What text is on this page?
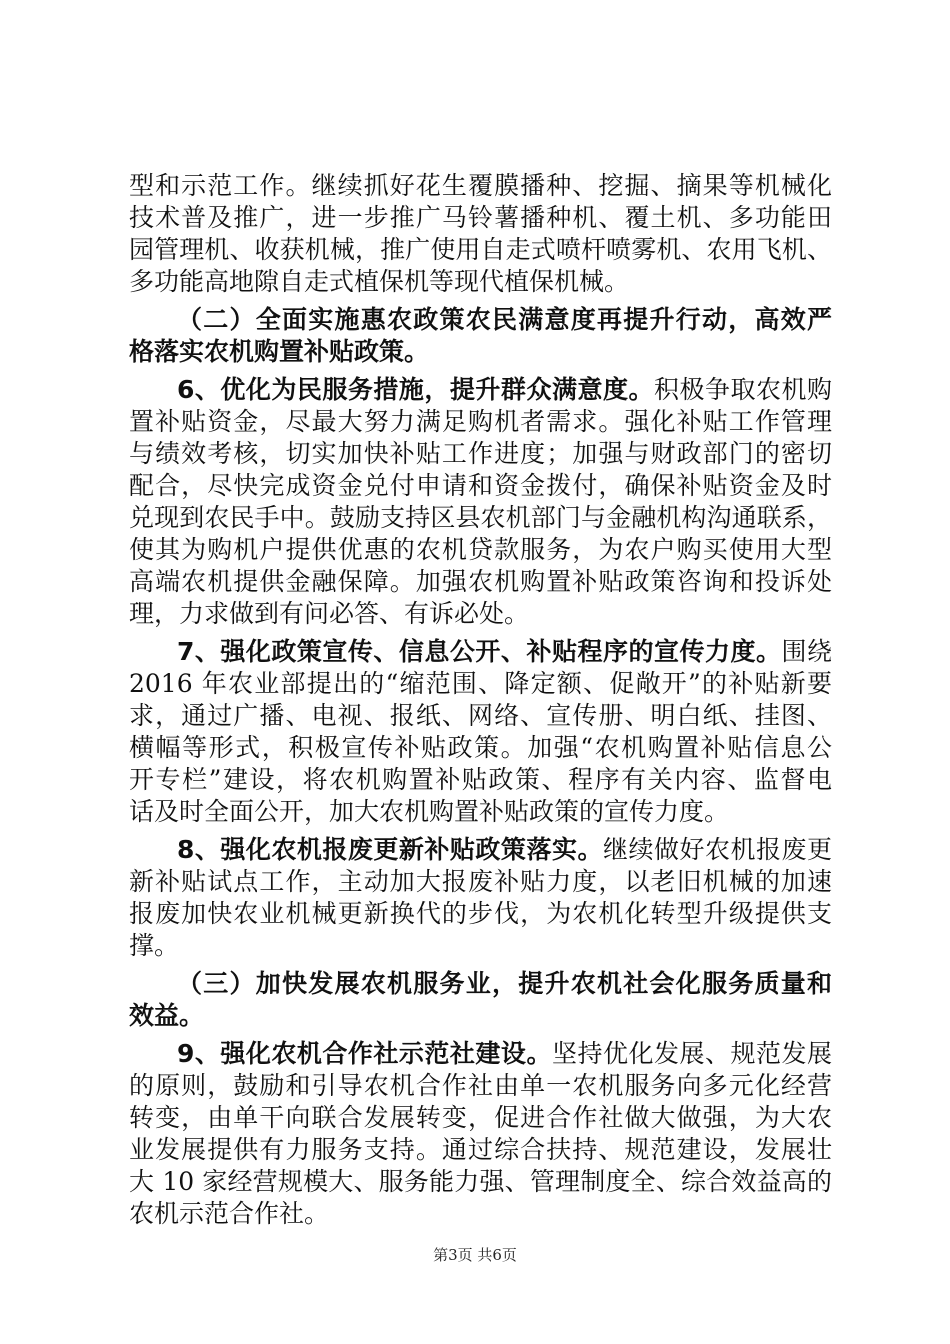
型和示范工作。继续抓好花生覆膜播种、挖掘、摘果等机械化
技术普及推广，进一步推广马铃薯播种机、覆土机、多功能田
园管理机、收获机械，推广使用自走式喷杆喷雾机、农用飞机、
多功能高地隙自走式植保机等现代植保机械。
（二）全面实施惠农政策农民满意度再提升行动，高效严
格落实农机购置补贴政策。
6、优化为民服务措施，提升群众满意度。积极争取农机购
置补贴资金，尽最大努力满足购机者需求。强化补贴工作管理
与绩效考核，切实加快补贴工作进度；加强与财政部门的密切
配合，尽快完成资金兑付申请和资金拨付，确保补贴资金及时
兑现到农民手中。鼓励支持区县农机部门与金融机构沟通联系，
使其为购机户提供优惠的农机贷款服务，为农户购买使用大型
高端农机提供金融保障。加强农机购置补贴政策咨询和投诉处
理，力求做到有问必答、有诉必处。
7、强化政策宣传、信息公开、补贴程序的宣传力度。围绕
2016 年农业部提出的“缩范围、降定额、促敞开”的补贴新要
求，通过广播、电视、报纸、网络、宣传册、明白纸、挂图、
横幅等形式，积极宣传补贴政策。加强“农机购置补贴信息公
开专栏”建设，将农机购置补贴政策、程序有关内容、监督电
话及时全面公开，加大农机购置补贴政策的宣传力度。
8、强化农机报废更新补贴政策落实。继续做好农机报废更
新补贴试点工作，主动加大报废补贴力度，以老旧机械的加速
报废加快农业机械更新换代的步伐，为农机化转型升级提供支
撑。
（三）加快发展农机服务业，提升农机社会化服务质量和
效益。
9、强化农机合作社示范社建设。坚持优化发展、规范发展
的原则，鼓励和引导农机合作社由单一农机服务向多元化经营
转变，由单干向联合发展转变，促进合作社做大做强，为大农
业发展提供有力服务支持。通过综合扶持、规范建设，发展壮
大 10 家经营规模大、服务能力强、管理制度全、综合效益高的
农机示范合作社。
第3页 共6页
